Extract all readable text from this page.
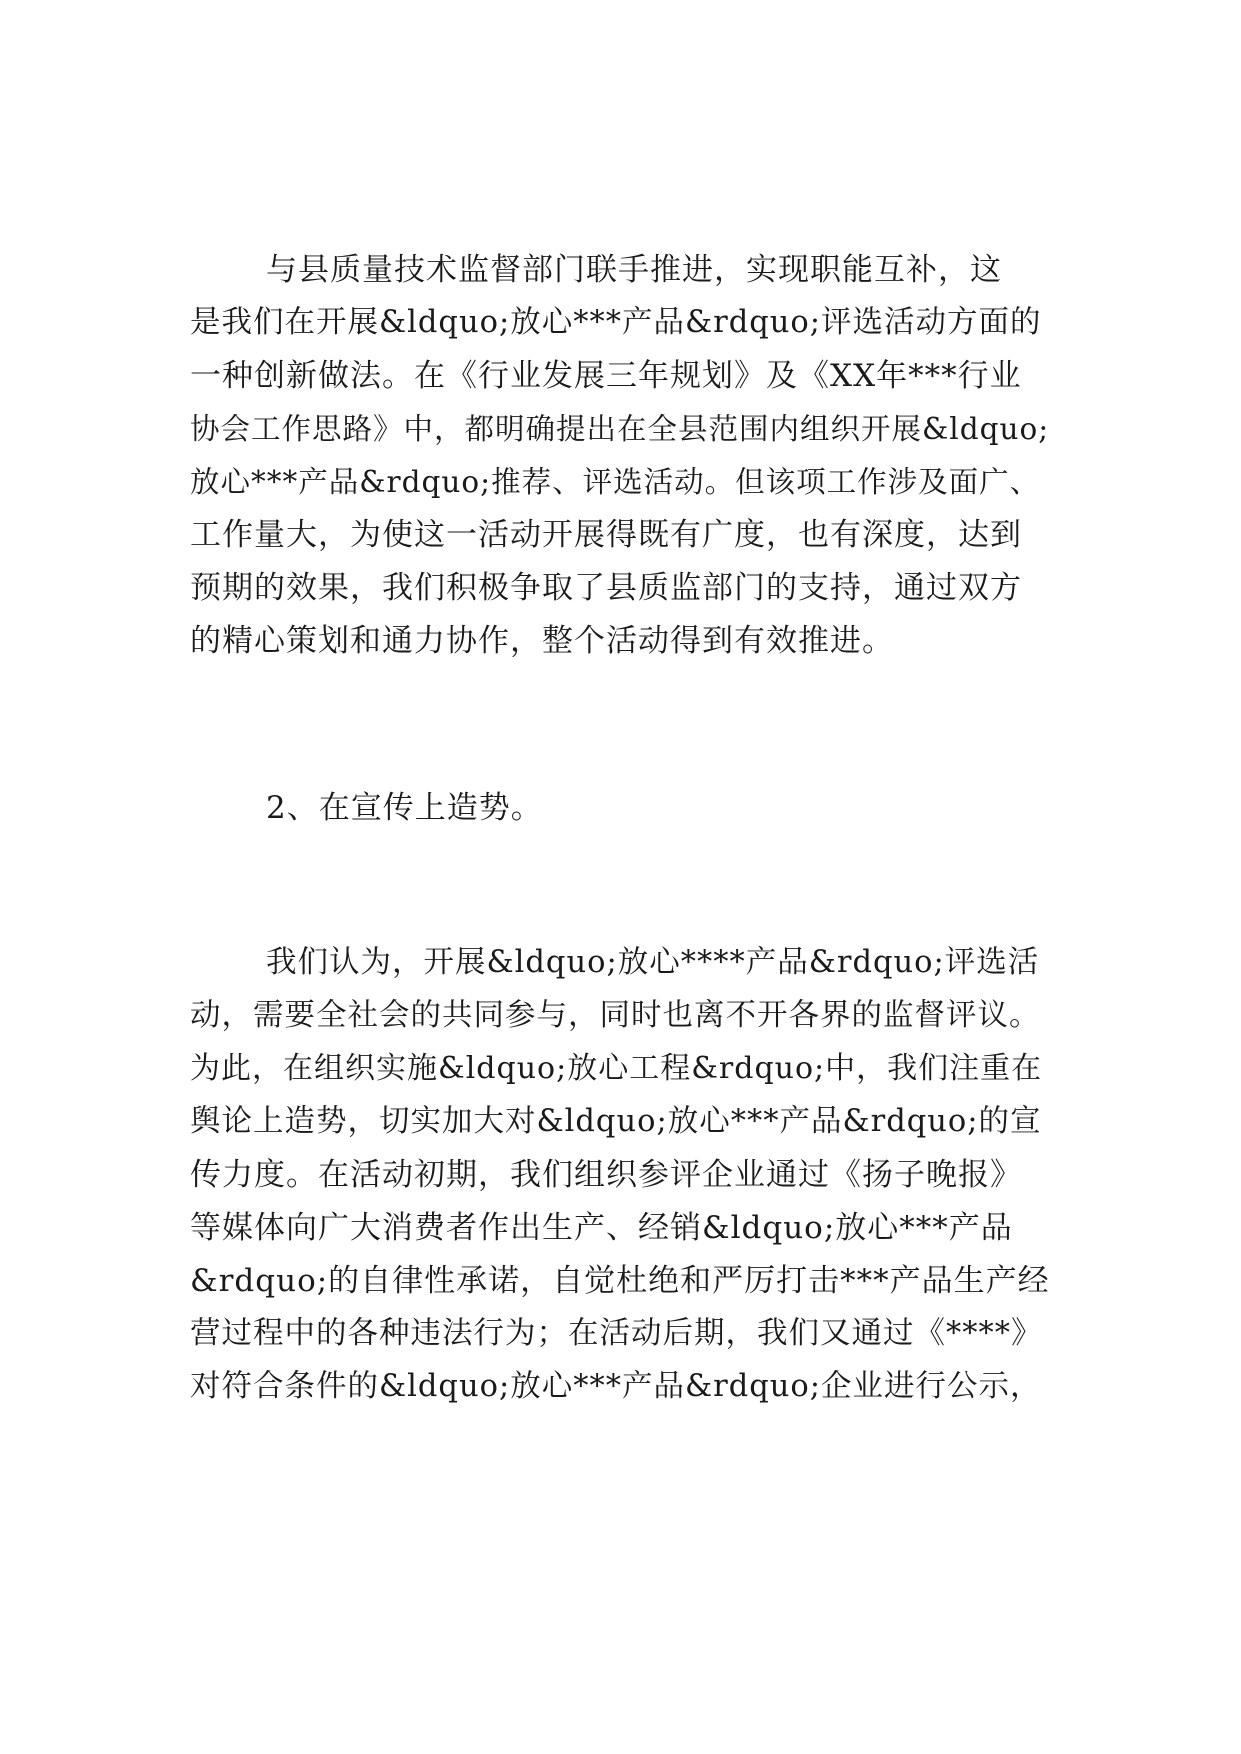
与县质量技术监督部门联手推进，实现职能互补，这
是我们在开展&ldquo;放心***产品&rdquo;评选活动方面的
一种创新做法。在《行业发展三年规划》及《XX年***行业
协会工作思路》中，都明确提出在全县范围内组织开展&ldquo;
放心***产品&rdquo;推荐、评选活动。但该项工作涉及面广、
工作量大，为使这一活动开展得既有广度，也有深度，达到
预期的效果，我们积极争取了县质监部门的支持，通过双方
的精心策划和通力协作，整个活动得到有效推进。
2、在宣传上造势。
我们认为，开展&ldquo;放心****产品&rdquo;评选活
动，需要全社会的共同参与，同时也离不开各界的监督评议。
为此，在组织实施&ldquo;放心工程&rdquo;中，我们注重在
舆论上造势，切实加大对&ldquo;放心***产品&rdquo;的宣
传力度。在活动初期，我们组织参评企业通过《扬子晚报》
等媒体向广大消费者作出生产、经销&ldquo;放心***产品
&rdquo;的自律性承诺，自觉杜绝和严厉打击***产品生产经
营过程中的各种违法行为；在活动后期，我们又通过《****》
对符合条件的&ldquo;放心***产品&rdquo;企业进行公示，
